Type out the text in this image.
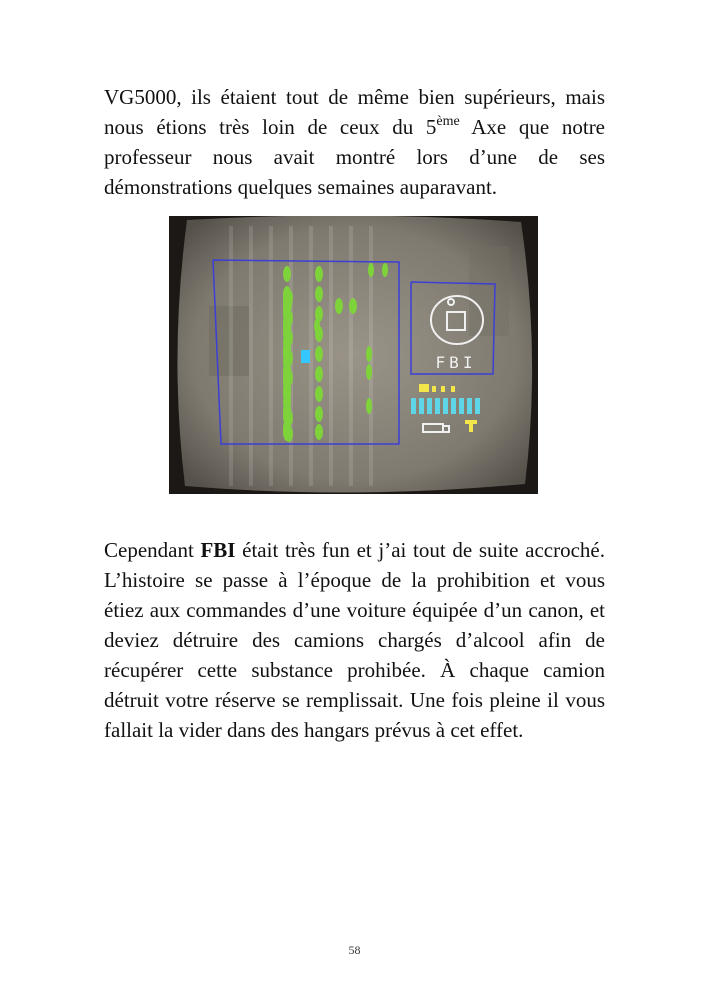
VG5000, ils étaient tout de même bien supérieurs, mais nous étions très loin de ceux du 5ème Axe que notre professeur nous avait montré lors d’une de ses démonstrations quelques semaines auparavant.

FBI

Cependant FBI était très fun et j’ai tout de suite accroché. L’histoire se passe à l’époque de la prohibition et vous étiez aux commandes d’une voiture équipée d’un canon, et deviez détruire des camions chargés d’alcool afin de récupérer cette substance prohibée. À chaque camion détruit votre réserve se remplissait. Une fois pleine il vous fallait la vider dans des hangars prévus à cet effet.

58
